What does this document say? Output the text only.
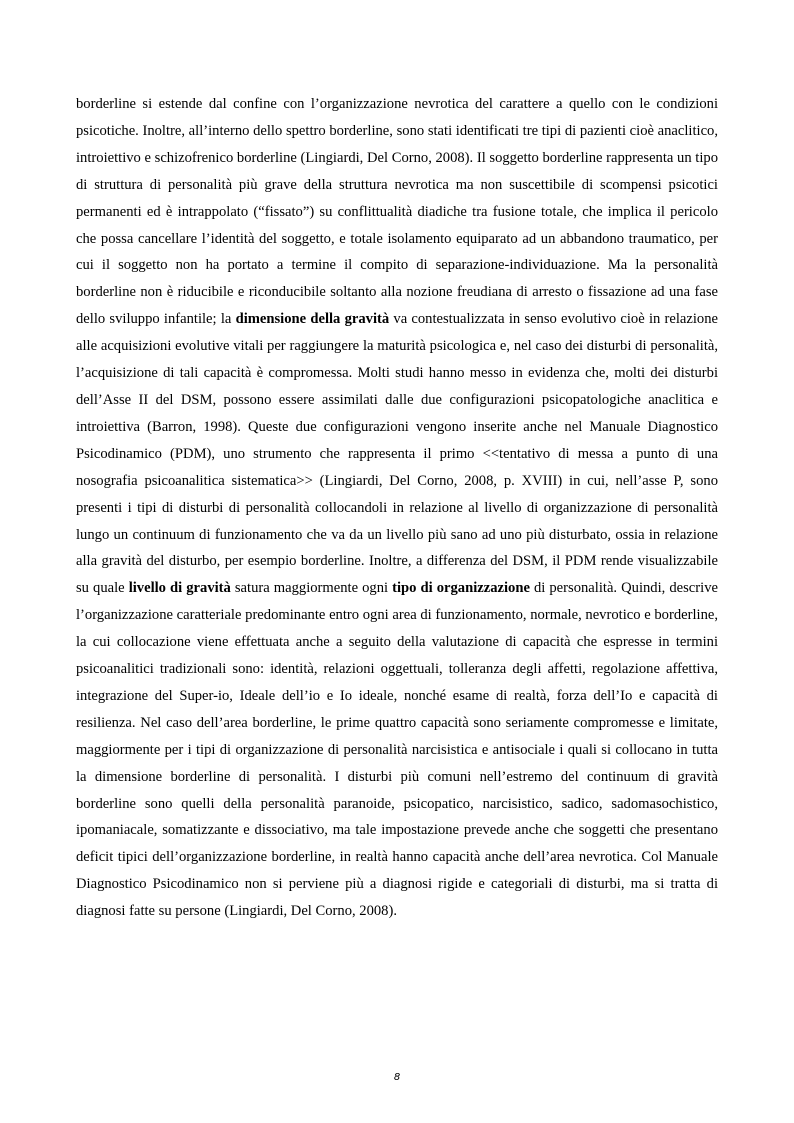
borderline si estende dal confine con l’organizzazione nevrotica del carattere a quello con le condizioni psicotiche. Inoltre, all’interno dello spettro borderline, sono stati identificati tre tipi di pazienti cioè anaclitico, introiettivo e schizofrenico borderline (Lingiardi, Del Corno, 2008). Il soggetto borderline rappresenta un tipo di struttura di personalità più grave della struttura nevrotica ma non suscettibile di scompensi psicotici permanenti ed è intrappolato (“fissato”) su conflittualità diadiche tra fusione totale, che implica il pericolo che possa cancellare l’identità del soggetto, e totale isolamento equiparato ad un abbandono traumatico, per cui il soggetto non ha portato a termine il compito di separazione-individuazione. Ma la personalità borderline non è riducibile e riconducibile soltanto alla nozione freudiana di arresto o fissazione ad una fase dello sviluppo infantile; la dimensione della gravità va contestualizzata in senso evolutivo cioè in relazione alle acquisizioni evolutive vitali per raggiungere la maturità psicologica e, nel caso dei disturbi di personalità, l’acquisizione di tali capacità è compromessa. Molti studi hanno messo in evidenza che, molti dei disturbi dell’Asse II del DSM, possono essere assimilati dalle due configurazioni psicopatologiche anaclitica e introiettiva (Barron, 1998). Queste due configurazioni vengono inserite anche nel Manuale Diagnostico Psicodinamico (PDM), uno strumento che rappresenta il primo <<tentativo di messa a punto di una nosografia psicoanalitica sistematica>> (Lingiardi, Del Corno, 2008, p. XVIII) in cui, nell’asse P, sono presenti i tipi di disturbi di personalità collocandoli in relazione al livello di organizzazione di personalità lungo un continuum di funzionamento che va da un livello più sano ad uno più disturbato, ossia in relazione alla gravità del disturbo, per esempio borderline. Inoltre, a differenza del DSM, il PDM rende visualizzabile su quale livello di gravità satura maggiormente ogni tipo di organizzazione di personalità. Quindi, descrive l’organizzazione caratteriale predominante entro ogni area di funzionamento, normale, nevrotico e borderline, la cui collocazione viene effettuata anche a seguito della valutazione di capacità che espresse in termini psicoanalitici tradizionali sono: identità, relazioni oggettuali, tolleranza degli affetti, regolazione affettiva, integrazione del Super-io, Ideale dell’io e Io ideale, nonché esame di realtà, forza dell’Io e capacità di resilienza. Nel caso dell’area borderline, le prime quattro capacità sono seriamente compromesse e limitate, maggiormente per i tipi di organizzazione di personalità narcisistica e antisociale i quali si collocano in tutta la dimensione borderline di personalità. I disturbi più comuni nell’estremo del continuum di gravità borderline sono quelli della personalità paranoide, psicopatico, narcisistico, sadico, sadomasochistico, ipomaniacale, somatizzante e dissociativo, ma tale impostazione prevede anche che soggetti che presentano deficit tipici dell’organizzazione borderline, in realtà hanno capacità anche dell’area nevrotica. Col Manuale Diagnostico Psicodinamico non si perviene più a diagnosi rigide e categoriali di disturbi, ma si tratta di diagnosi fatte su persone (Lingiardi, Del Corno, 2008).

8
